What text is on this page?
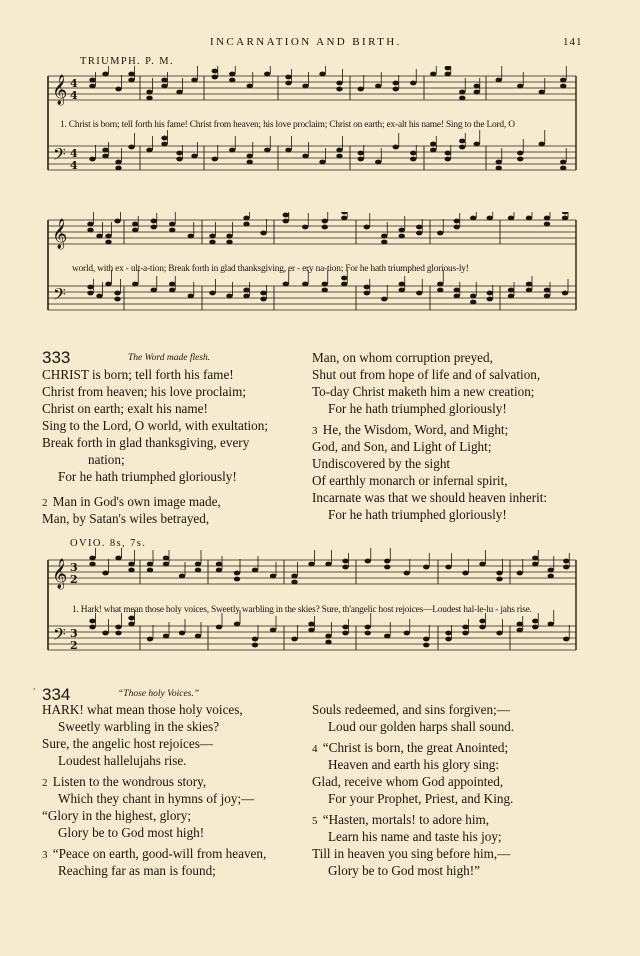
INCARNATION AND BIRTH.	141
TRIUMPH. P. M.
𝄞
𝄢
4
4
4
4
1. Christ is born; tell forth his fame! Christ from heaven; his love proclaim; Christ on earth; ex-alt his name! Sing to the Lord, O
𝄞
𝄢
world, with ex - ult-a-tion; Break forth in glad thanksgiving, er - ery na-tion; For he hath triumphed glorious-ly!
333	The Word made flesh.
CHRIST is born; tell forth his fame!
Christ from heaven; his love proclaim;
Christ on earth; exalt his name!
Sing to the Lord, O world, with exultation;
Break forth in glad thanksgiving, every
nation;
For he hath triumphed gloriously!
2 Man in God's own image made,
Man, by Satan's wiles betrayed,
Man, on whom corruption preyed,
Shut out from hope of life and of salvation,
To-day Christ maketh him a new creation;
For he hath triumphed gloriously!
3 He, the Wisdom, Word, and Might;
God, and Son, and Light of Light;
Undiscovered by the sight
Of earthly monarch or infernal spirit,
Incarnate was that we should heaven inherit:
For he hath triumphed gloriously!
OVIO. 8s, 7s.
𝄞
𝄢
3
2
3
2
1. Hark! what mean those holy voices, Sweetly warbling in the skies? Sure, th'angelic host rejoices—Loudest hal-le-lu - jahs rise.
, 334	“Those holy Voices.”
HARK! what mean those holy voices,
Sweetly warbling in the skies?
Sure, the angelic host rejoices—
Loudest hallelujahs rise.
2 Listen to the wondrous story,
Which they chant in hymns of joy;—
“Glory in the highest, glory;
Glory be to God most high!
3 “Peace on earth, good-will from heaven,
Reaching far as man is found;
Souls redeemed, and sins forgiven;—
Loud our golden harps shall sound.
4 “Christ is born, the great Anointed;
Heaven and earth his glory sing:
Glad, receive whom God appointed,
For your Prophet, Priest, and King.
5 “Hasten, mortals! to adore him,
Learn his name and taste his joy;
Till in heaven you sing before him,—
Glory be to God most high!”
